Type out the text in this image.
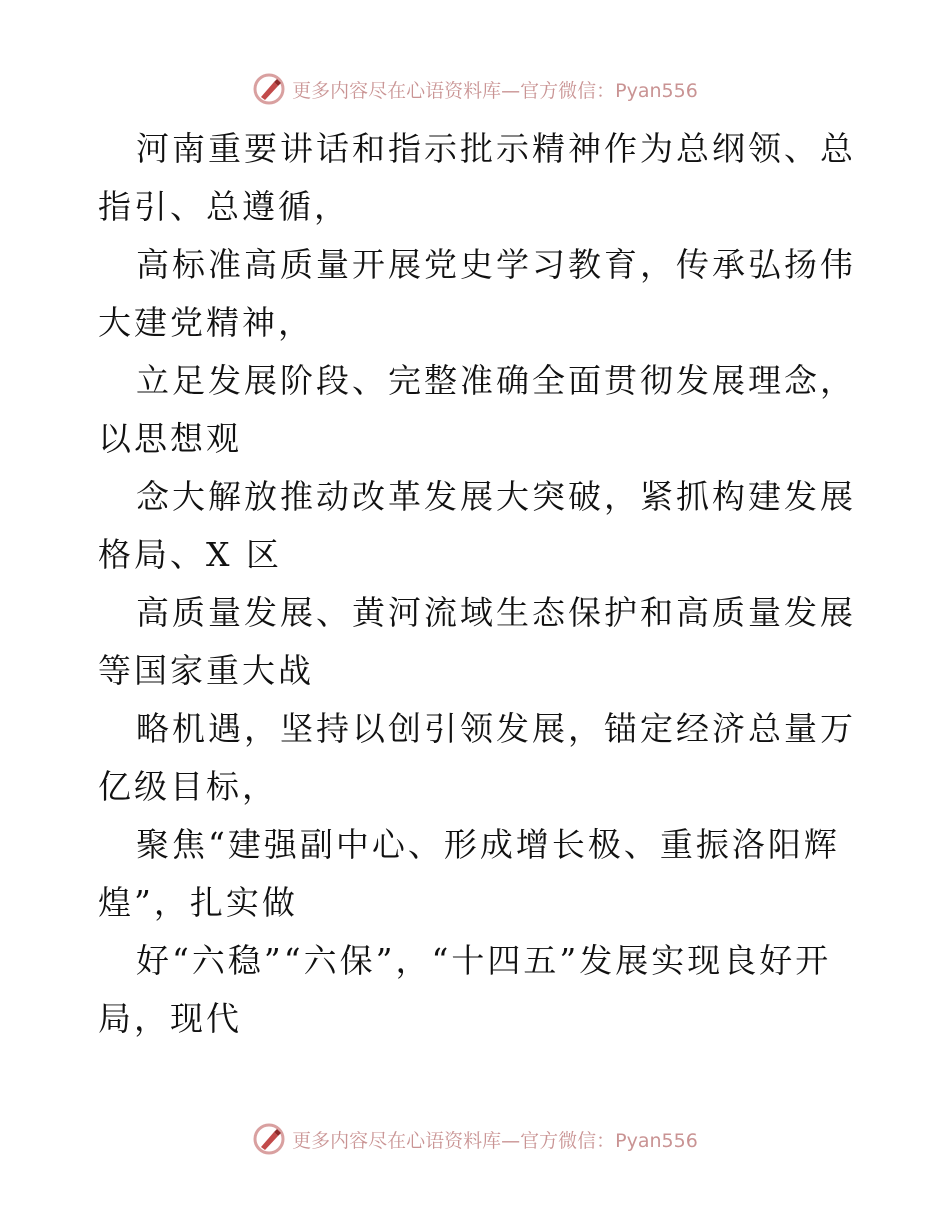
更多内容尽在心语资料库—官方微信：Pyan556

河南重要讲话和指示批示精神作为总纲领、总指引、总遵循，

高标准高质量开展党史学习教育，传承弘扬伟大建党精神，

立足发展阶段、完整准确全面贯彻发展理念，以思想观

念大解放推动改革发展大突破，紧抓构建发展格局、X 区

高质量发展、黄河流域生态保护和高质量发展等国家重大战

略机遇，坚持以创引领发展，锚定经济总量万亿级目标，

聚焦“建强副中心、形成增长极、重振洛阳辉煌”，扎实做

好“六稳”“六保”，“十四五”发展实现良好开局，现代

更多内容尽在心语资料库—官方微信：Pyan556
